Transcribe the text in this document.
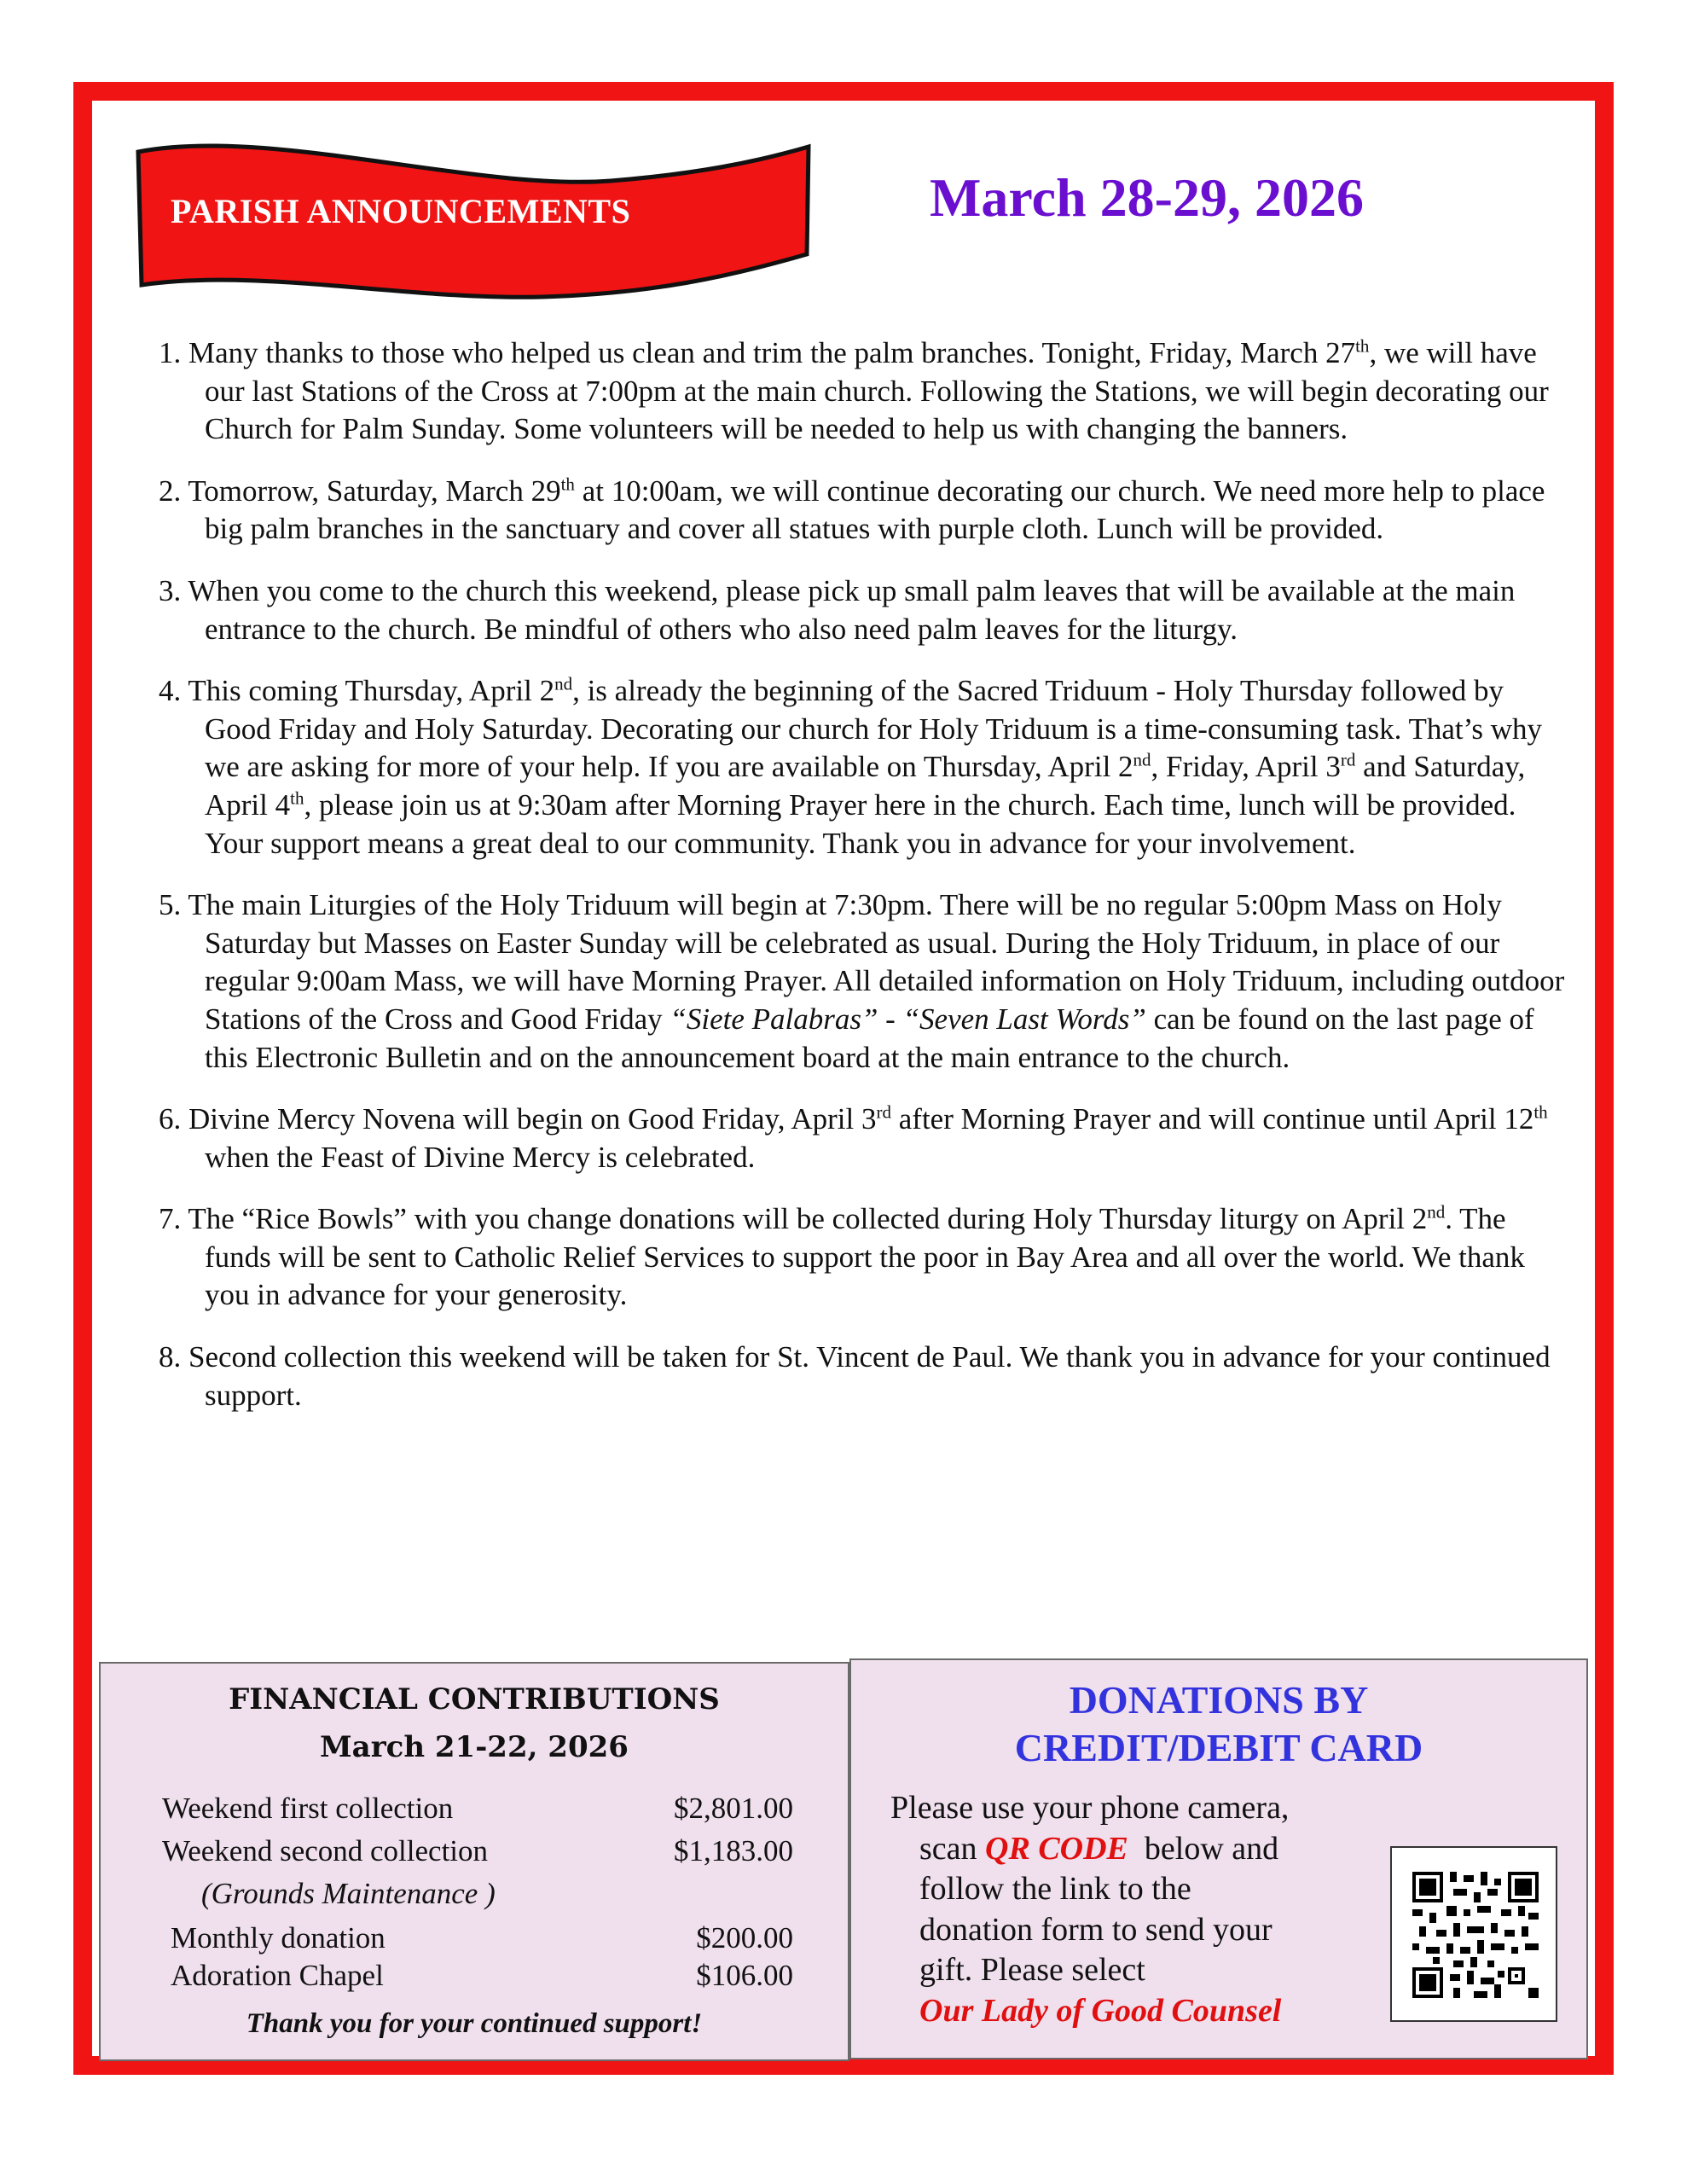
PARISH ANNOUNCEMENTS	March 28-29, 2026
1. Many thanks to those who helped us clean and trim the palm branches. Tonight, Friday, March 27th, we will have our last Stations of the Cross at 7:00pm at the main church. Following the Stations, we will begin decorating our Church for Palm Sunday. Some volunteers will be needed to help us with changing the banners.
2. Tomorrow, Saturday, March 29th at 10:00am, we will continue decorating our church. We need more help to place big palm branches in the sanctuary and cover all statues with purple cloth. Lunch will be provided.
3. When you come to the church this weekend, please pick up small palm leaves that will be available at the main entrance to the church. Be mindful of others who also need palm leaves for the liturgy.
4. This coming Thursday, April 2nd, is already the beginning of the Sacred Triduum - Holy Thursday followed by Good Friday and Holy Saturday. Decorating our church for Holy Triduum is a time-consuming task. That’s why we are asking for more of your help. If you are available on Thursday, April 2nd, Friday, April 3rd and Saturday, April 4th, please join us at 9:30am after Morning Prayer here in the church. Each time, lunch will be provided. Your support means a great deal to our community. Thank you in advance for your involvement.
5. The main Liturgies of the Holy Triduum will begin at 7:30pm. There will be no regular 5:00pm Mass on Holy Saturday but Masses on Easter Sunday will be celebrated as usual. During the Holy Triduum, in place of our regular 9:00am Mass, we will have Morning Prayer. All detailed information on Holy Triduum, including outdoor Stations of the Cross and Good Friday “Siete Palabras” - “Seven Last Words” can be found on the last page of this Electronic Bulletin and on the announcement board at the main entrance to the church.
6. Divine Mercy Novena will begin on Good Friday, April 3rd after Morning Prayer and will continue until April 12th when the Feast of Divine Mercy is celebrated.
7. The “Rice Bowls” with you change donations will be collected during Holy Thursday liturgy on April 2nd. The funds will be sent to Catholic Relief Services to support the poor in Bay Area and all over the world. We thank you in advance for your generosity.
8. Second collection this weekend will be taken for St. Vincent de Paul. We thank you in advance for your continued support.
FINANCIAL CONTRIBUTIONS
March 21-22, 2026
Weekend first collection	$2,801.00
Weekend second collection	$1,183.00
(Grounds Maintenance )
Monthly donation	$200.00
Adoration Chapel	$106.00
Thank you for your continued support!
DONATIONS BY
CREDIT/DEBIT CARD
Please use your phone camera,
scan QR CODE below and
follow the link to the
donation form to send your
gift. Please select
Our Lady of Good Counsel
